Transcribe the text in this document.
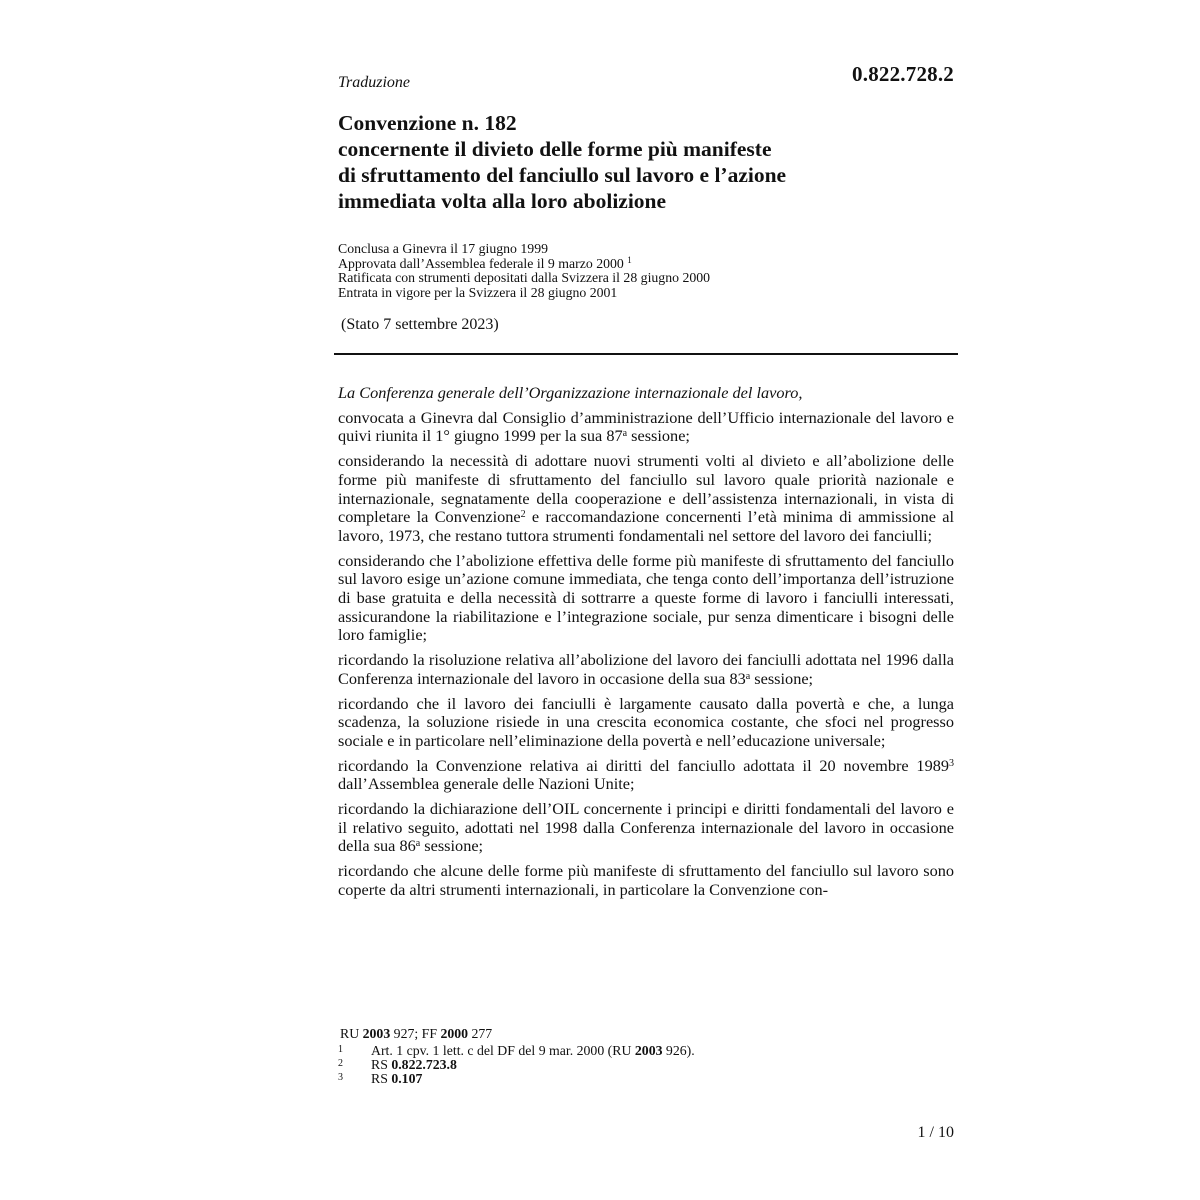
Traduzione	0.822.728.2
Convenzione n. 182
concernente il divieto delle forme più manifeste
di sfruttamento del fanciullo sul lavoro e l’azione
immediata volta alla loro abolizione
Conclusa a Ginevra il 17 giugno 1999
Approvata dall’Assemblea federale il 9 marzo 2000 $^1$
Ratificata con strumenti depositati dalla Svizzera il 28 giugno 2000
Entrata in vigore per la Svizzera il 28 giugno 2001
(Stato 7 settembre 2023)
La Conferenza generale dell’Organizzazione internazionale del lavoro,

convocata a Ginevra dal Consiglio d’amministrazione dell’Ufficio internazionale del lavoro e quivi riunita il 1° giugno 1999 per la sua 87$^a$ sessione;

considerando la necessità di adottare nuovi strumenti volti al divieto e all’abolizione delle forme più manifeste di sfruttamento del fanciullo sul lavoro quale priorità nazionale e internazionale, segnatamente della cooperazione e dell’assistenza internazionali, in vista di completare la Convenzione$^2$ e raccomandazione concernenti l’età minima di ammissione al lavoro, 1973, che restano tuttora strumenti fondamentali nel settore del lavoro dei fanciulli;

considerando che l’abolizione effettiva delle forme più manifeste di sfruttamento del fanciullo sul lavoro esige un’azione comune immediata, che tenga conto dell’importanza dell’istruzione di base gratuita e della necessità di sottrarre a queste forme di lavoro i fanciulli interessati, assicurandone la riabilitazione e l’integrazione sociale, pur senza dimenticare i bisogni delle loro famiglie;

ricordando la risoluzione relativa all’abolizione del lavoro dei fanciulli adottata nel 1996 dalla Conferenza internazionale del lavoro in occasione della sua 83$^a$ sessione;

ricordando che il lavoro dei fanciulli è largamente causato dalla povertà e che, a lunga scadenza, la soluzione risiede in una crescita economica costante, che sfoci nel progresso sociale e in particolare nell’eliminazione della povertà e nell’educazione universale;

ricordando la Convenzione relativa ai diritti del fanciullo adottata il 20 novembre 1989$^3$ dall’Assemblea generale delle Nazioni Unite;

ricordando la dichiarazione dell’OIL concernente i principi e diritti fondamentali del lavoro e il relativo seguito, adottati nel 1998 dalla Conferenza internazionale del lavoro in occasione della sua 86$^a$ sessione;

ricordando che alcune delle forme più manifeste di sfruttamento del fanciullo sul lavoro sono coperte da altri strumenti internazionali, in particolare la Convenzione con-

RU 2003 927; FF 2000 277
1	Art. 1 cpv. 1 lett. c del DF del 9 mar. 2000 (RU 2003 926).
2	RS 0.822.723.8
3	RS 0.107
1 / 10
